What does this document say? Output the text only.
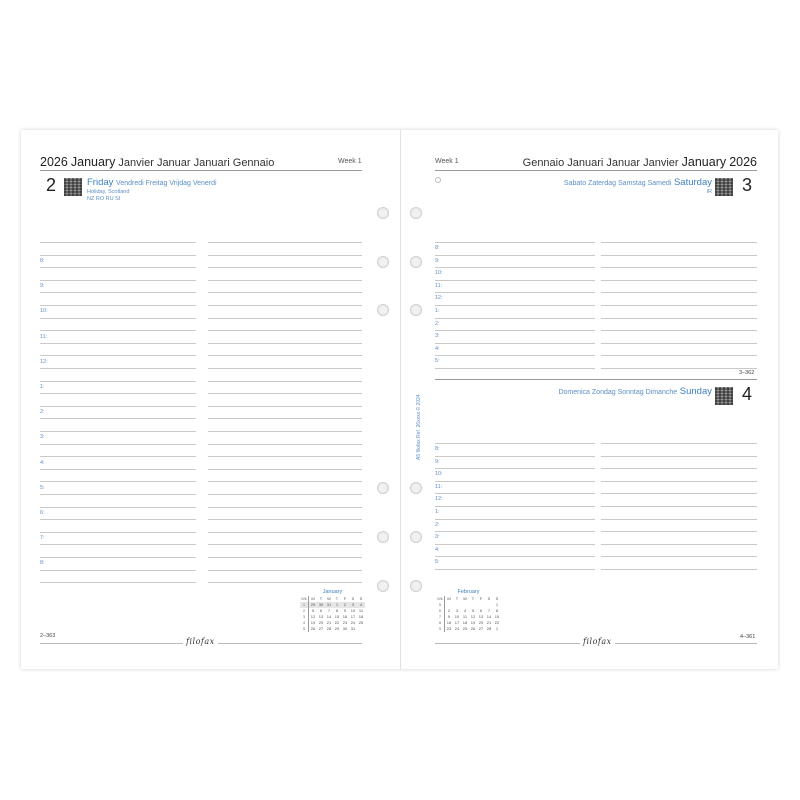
2026 January Janvier Januar Januari Gennaio	Week 1
2	Friday Vendredi Freitag Vrijdag Venerdi
Holiday, Scotland
NZ RO RU SI
8:
9:
10:
11:
12:
1:
2:
3:
4:
5:
6:
7:
8:
January
Wk	M	T	W	T	F	S	S
1	29	30	31	1	2	3	4
2	5	6	7	8	9	10	11
3	12	13	14	15	16	17	18
4	19	20	21	22	23	24	25
5	26	27	28	29	30	31	
2–363
filofax
Week 1	Gennaio Januari Januar Janvier January 2026
Sabato Zaterdag Samstag Samedi Saturday
IR 3
8:
9:
10:
11:
12:
1:
2:
3:
4:
5:
8:
9:
10:
11:
12:
1:
2:
3:
4:
5:
3–362
Domenica Zondag Sonntag Dimanche Sunday 4
A5 filofax Ref. 26xxxx © 2024
February
Wk	M	T	W	T	F	S	S
5							1
6	2	3	4	5	6	7	8
7	9	10	11	12	13	14	15
8	16	17	18	19	20	21	22
9	23	24	25	26	27	28	1
filofax	4–361
